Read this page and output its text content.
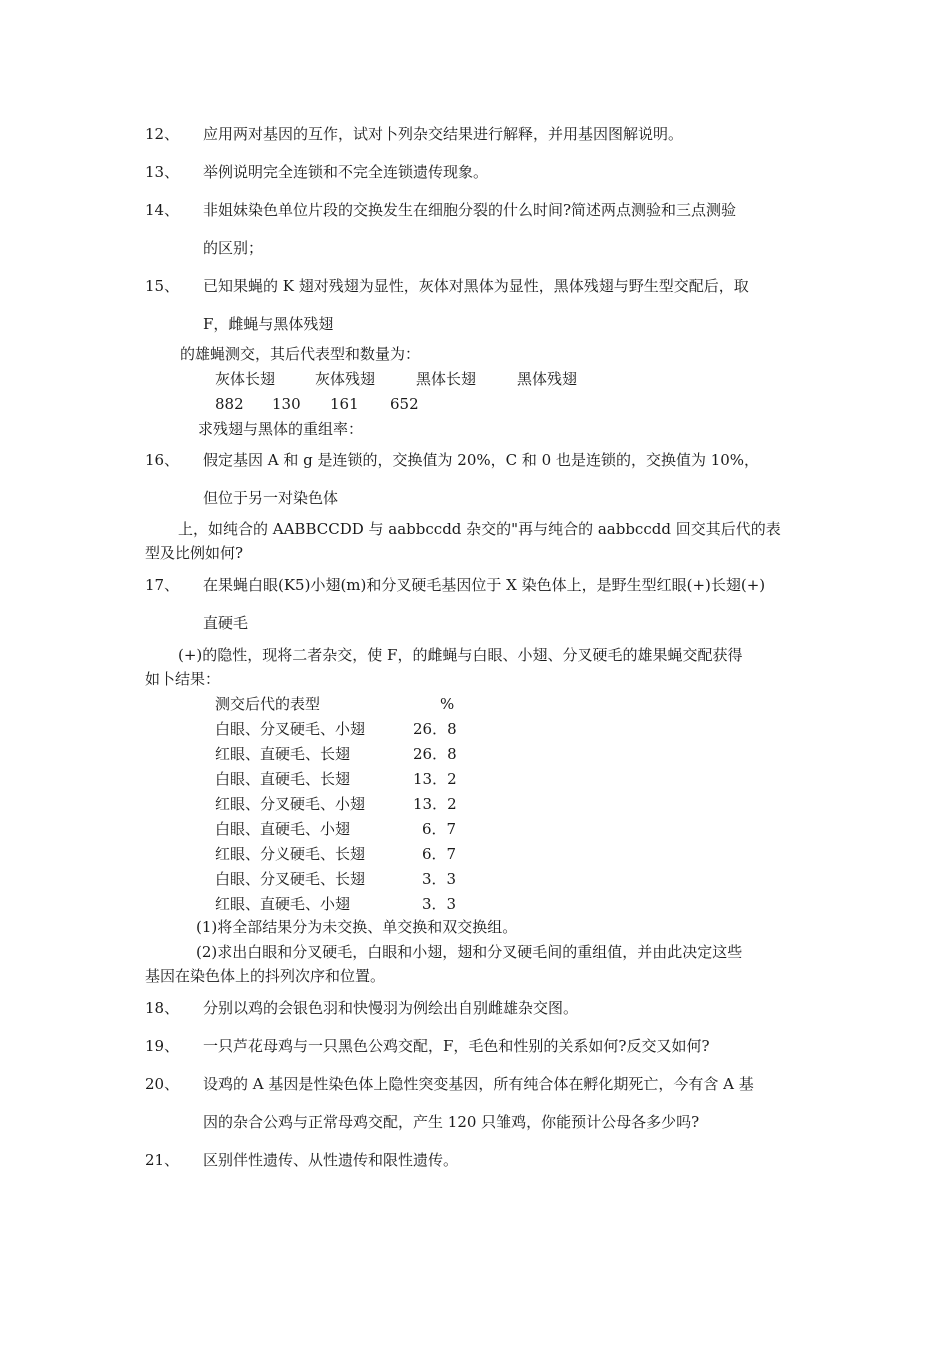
12、 应用两对基因的互作，试对卜列杂交结果进行解释，并用基因图解说明。
13、 举例说明完全连锁和不完全连锁遗传现象。
14、 非姐妹染色单位片段的交换发生在细胞分裂的什么时间?简述两点测验和三点测验
的区别；
15、 已知果蝇的 K 翅对残翅为显性，灰体对黑体为显性，黑体残翅与野生型交配后，取
F，雌蝇与黑体残翅
的雄蝇测交，其后代表型和数量为：
灰体长翅	灰体残翅	黑体长翅	黑体残翅
882 130 161 652
求残翅与黑体的重组率：
16、 假定基因 A 和 g 是连锁的，交换值为 20%，C 和 0 也是连锁的，交换值为 10%，
但位于另一对染色体
上，如纯合的 AABBCCDD 与 aabbccdd 杂交的"再与纯合的 aabbccdd 回交其后代的表
型及比例如何?
17、 在果蝇白眼(K5)小翅(m)和分叉硬毛基因位于 X 染色体上，是野生型红眼(+)长翅(+)
直硬毛
(+)的隐性，现将二者杂交，使 F，的雌蝇与白眼、小翅、分叉硬毛的雄果蝇交配获得
如卜结果：
测交后代的表型	%
白眼、分叉硬毛、小翅	26．8
红眼、直硬毛、长翅	26．8
白眼、直硬毛、长翅	13．2
红眼、分叉硬毛、小翅	13．2
白眼、直硬毛、小翅	6．7
红眼、分义硬毛、长翅	6．7
白眼、分叉硬毛、长翅	3．3
红眼、直硬毛、小翅	3．3
(1)将全部结果分为未交换、单交换和双交换组。
(2)求出白眼和分叉硬毛，白眼和小翅，翅和分叉硬毛间的重组值，并由此决定这些
基因在染色体上的抖列次序和位置。
18、 分别以鸡的会银色羽和快慢羽为例绘出自别雌雄杂交图。
19、 一只芦花母鸡与一只黑色公鸡交配，F，毛色和性别的关系如何?反交又如何?
20、 设鸡的 A 基因是性染色体上隐性突变基因，所有纯合体在孵化期死亡，今有含 A 基
因的杂合公鸡与正常母鸡交配，产生 120 只雏鸡，你能预计公母各多少吗?
21、 区别伴性遗传、从性遗传和限性遗传。
